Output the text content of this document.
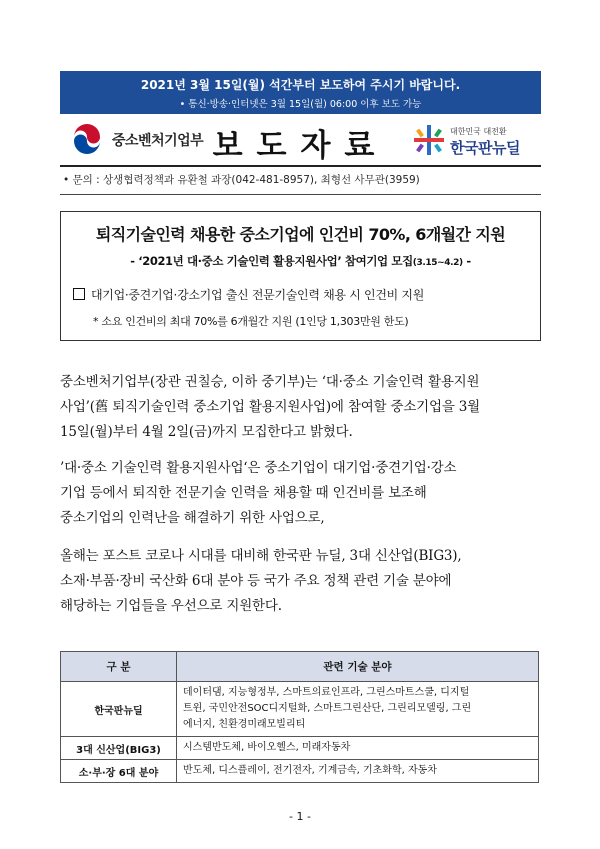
2021년 3월 15일(월) 석간부터 보도하여 주시기 바랍니다.
• 통신·방송·인터넷은 3월 15일(월) 06:00 이후 보도 가능
중소벤처기업부 보도자료	대한민국 대전환
한국판뉴딜
• 문의 : 상생협력정책과 유환철 과장(042-481-8957), 최형선 사무관(3959)
퇴직기술인력 채용한 중소기업에 인건비 70%, 6개월간 지원
- ‘2021년 대·중소 기술인력 활용지원사업’ 참여기업 모집(3.15~4.2) -
대기업·중견기업·강소기업 출신 전문기술인력 채용 시 인건비 지원
* 소요 인건비의 최대 70%를 6개월간 지원 (1인당 1,303만원 한도)
중소벤처기업부(장관 권칠승, 이하 중기부)는 ‘대·중소 기술인력 활용지원
사업’(舊 퇴직기술인력 중소기업 활용지원사업)에 참여할 중소기업을 3월
15일(월)부터 4월 2일(금)까지 모집한다고 밝혔다.
’대·중소 기술인력 활용지원사업‘은 중소기업이 대기업·중견기업·강소
기업 등에서 퇴직한 전문기술 인력을 채용할 때 인건비를 보조해
중소기업의 인력난을 해결하기 위한 사업으로,
올해는 포스트 코로나 시대를 대비해 한국판 뉴딜, 3대 신산업(BIG3),
소재·부품·장비 국산화 6대 분야 등 국가 주요 정책 관련 기술 분야에
해당하는 기업들을 우선으로 지원한다.
구 분	관련 기술 분야
한국판뉴딜	데이터댐, 지능형정부, 스마트의료인프라, 그린스마트스쿨, 디지털
트윈, 국민안전SOC디지털화, 스마트그린산단, 그린리모델링, 그린
에너지, 친환경미래모빌리티

3대 신산업(BIG3)	시스템반도체, 바이오헬스, 미래자동차

소·부·장 6대 분야	반도체, 디스플레이, 전기전자, 기계금속, 기초화학, 자동차
- 1 -
